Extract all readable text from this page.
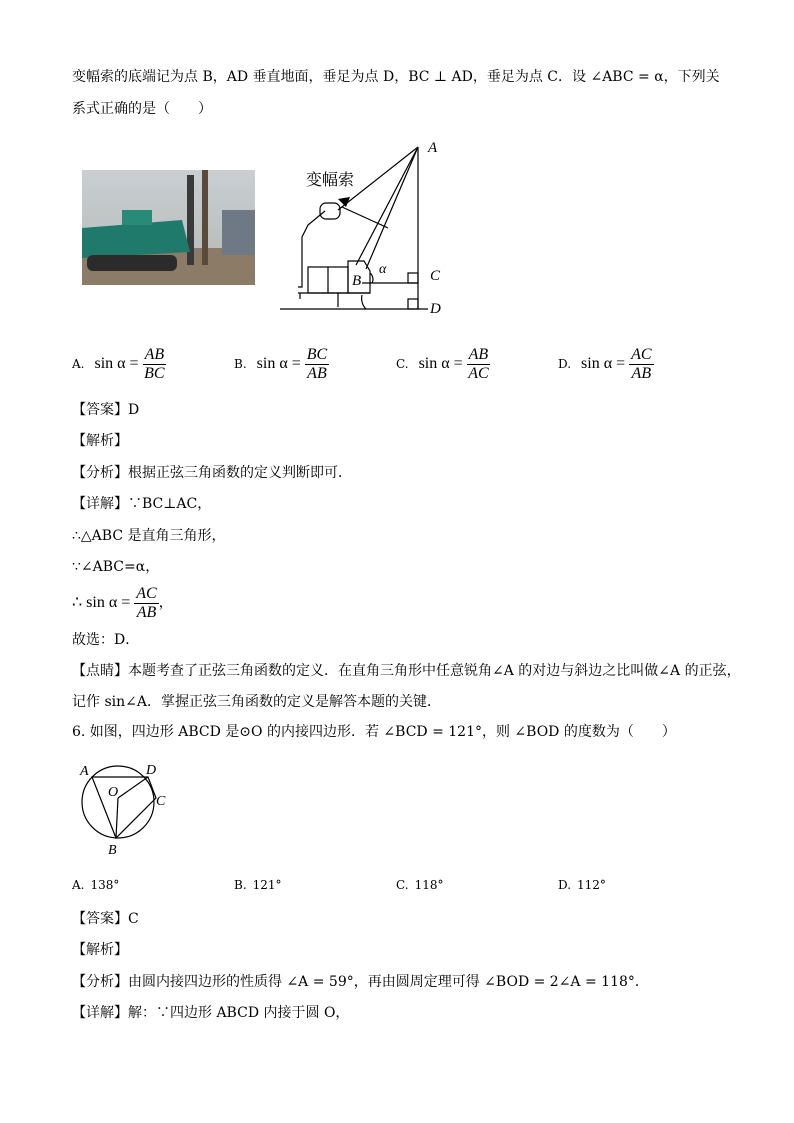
变幅索的底端记为点 B，AD 垂直地面，垂足为点 D，BC ⊥ AD，垂足为点 C．设 ∠ABC = α，下列关
系式正确的是（　　）
变幅索
A
B	C
D
α
A. $\sin \alpha = \frac{AB}{BC}$	B. $\sin \alpha = \frac{BC}{AB}$	C. $\sin \alpha = \frac{AB}{AC}$	D. $\sin \alpha = \frac{AC}{AB}$
【答案】D
【解析】
【分析】根据正弦三角函数的定义判断即可．
【详解】∵BC⊥AC，
∴△ABC 是直角三角形，
∵∠ABC=α，
∴ $\sin \alpha = \frac{AC}{AB}$ ，
故选：D．
【点睛】本题考查了正弦三角函数的定义．在直角三角形中任意锐角∠A 的对边与斜边之比叫做∠A 的正弦，
记作 sin∠A．掌握正弦三角函数的定义是解答本题的关键．
6. 如图，四边形 ABCD 是⊙O 的内接四边形．若 ∠BCD = 121°，则 ∠BOD 的度数为（　　）
A	D
C
B
O
A. 138°	B. 121°	C. 118°	D. 112°
【答案】C
【解析】
【分析】由圆内接四边形的性质得 ∠A = 59°，再由圆周定理可得 ∠BOD = 2∠A = 118°．
【详解】解：∵四边形 ABCD 内接于圆 O，
